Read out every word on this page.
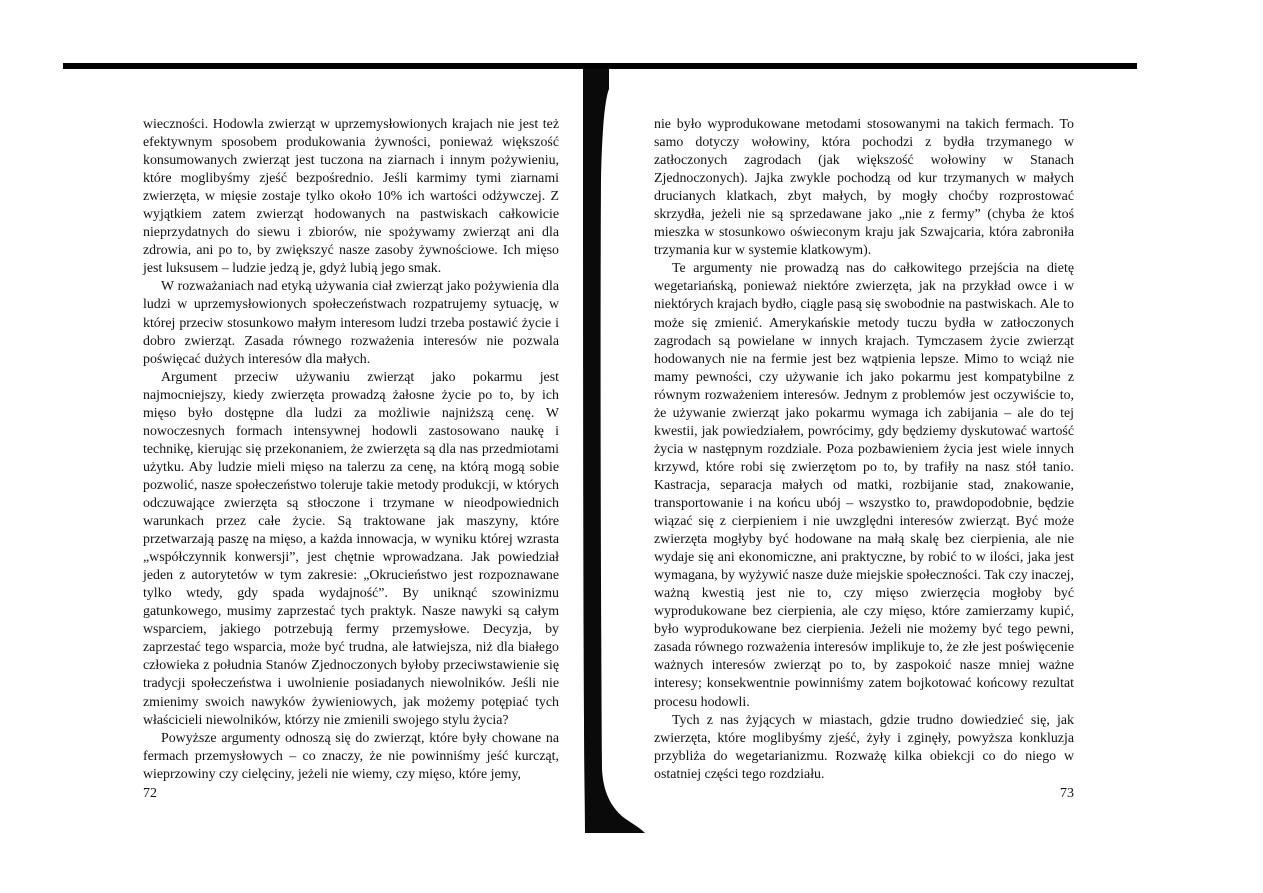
wieczności. Hodowla zwierząt w uprzemysłowionych krajach nie jest też efektywnym sposobem produkowania żywności, ponieważ większość konsumowanych zwierząt jest tuczona na ziarnach i innym pożywieniu, które moglibyśmy zjeść bezpośrednio. Jeśli karmimy tymi ziarnami zwierzęta, w mięsie zostaje tylko około 10% ich wartości odżywczej. Z wyjątkiem zatem zwierząt hodowanych na pastwiskach całkowicie nieprzydatnych do siewu i zbiorów, nie spożywamy zwierząt ani dla zdrowia, ani po to, by zwiększyć nasze zasoby żywnościowe. Ich mięso jest luksusem – ludzie jedzą je, gdyż lubią jego smak.

W rozważaniach nad etyką używania ciał zwierząt jako pożywienia dla ludzi w uprzemysłowionych społeczeństwach rozpatrujemy sytuację, w której przeciw stosunkowo małym interesom ludzi trzeba postawić życie i dobro zwierząt. Zasada równego rozważenia interesów nie pozwala poświęcać dużych interesów dla małych.

Argument przeciw używaniu zwierząt jako pokarmu jest najmocniejszy, kiedy zwierzęta prowadzą żałosne życie po to, by ich mięso było dostępne dla ludzi za możliwie najniższą cenę. W nowoczesnych formach intensywnej hodowli zastosowano naukę i technikę, kierując się przekonaniem, że zwierzęta są dla nas przedmiotami użytku. Aby ludzie mieli mięso na talerzu za cenę, na którą mogą sobie pozwolić, nasze społeczeństwo toleruje takie metody produkcji, w których odczuwające zwierzęta są stłoczone i trzymane w nieodpowiednich warunkach przez całe życie. Są traktowane jak maszyny, które przetwarzają paszę na mięso, a każda innowacja, w wyniku której wzrasta „współczynnik konwersji”, jest chętnie wprowadzana. Jak powiedział jeden z autorytetów w tym zakresie: „Okrucieństwo jest rozpoznawane tylko wtedy, gdy spada wydajność”. By uniknąć szowinizmu gatunkowego, musimy zaprzestać tych praktyk. Nasze nawyki są całym wsparciem, jakiego potrzebują fermy przemysłowe. Decyzja, by zaprzestać tego wsparcia, może być trudna, ale łatwiejsza, niż dla białego człowieka z południa Stanów Zjednoczonych byłoby przeciwstawienie się tradycji społeczeństwa i uwolnienie posiadanych niewolników. Jeśli nie zmienimy swoich nawyków żywieniowych, jak możemy potępiać tych właścicieli niewolników, którzy nie zmienili swojego stylu życia?

Powyższe argumenty odnoszą się do zwierząt, które były chowane na fermach przemysłowych – co znaczy, że nie powinniśmy jeść kurcząt, wieprzowiny czy cielęciny, jeżeli nie wiemy, czy mięso, które jemy,

nie było wyprodukowane metodami stosowanymi na takich fermach. To samo dotyczy wołowiny, która pochodzi z bydła trzymanego w zatłoczonych zagrodach (jak większość wołowiny w Stanach Zjednoczonych). Jajka zwykle pochodzą od kur trzymanych w małych drucianych klatkach, zbyt małych, by mogły choćby rozprostować skrzydła, jeżeli nie są sprzedawane jako „nie z fermy” (chyba że ktoś mieszka w stosunkowo oświeconym kraju jak Szwajcaria, która zabroniła trzymania kur w systemie klatkowym).

Te argumenty nie prowadzą nas do całkowitego przejścia na dietę wegetariańską, ponieważ niektóre zwierzęta, jak na przykład owce i w niektórych krajach bydło, ciągle pasą się swobodnie na pastwiskach. Ale to może się zmienić. Amerykańskie metody tuczu bydła w zatłoczonych zagrodach są powielane w innych krajach. Tymczasem życie zwierząt hodowanych nie na fermie jest bez wątpienia lepsze. Mimo to wciąż nie mamy pewności, czy używanie ich jako pokarmu jest kompatybilne z równym rozważeniem interesów. Jednym z problemów jest oczywiście to, że używanie zwierząt jako pokarmu wymaga ich zabijania – ale do tej kwestii, jak powiedziałem, powrócimy, gdy będziemy dyskutować wartość życia w następnym rozdziale. Poza pozbawieniem życia jest wiele innych krzywd, które robi się zwierzętom po to, by trafiły na nasz stół tanio. Kastracja, separacja małych od matki, rozbijanie stad, znakowanie, transportowanie i na końcu ubój – wszystko to, prawdopodobnie, będzie wiązać się z cierpieniem i nie uwzględni interesów zwierząt. Być może zwierzęta mogłyby być hodowane na małą skalę bez cierpienia, ale nie wydaje się ani ekonomiczne, ani praktyczne, by robić to w ilości, jaka jest wymagana, by wyżywić nasze duże miejskie społeczności. Tak czy inaczej, ważną kwestią jest nie to, czy mięso zwierzęcia mogłoby być wyprodukowane bez cierpienia, ale czy mięso, które zamierzamy kupić, było wyprodukowane bez cierpienia. Jeżeli nie możemy być tego pewni, zasada równego rozważenia interesów implikuje to, że złe jest poświęcenie ważnych interesów zwierząt po to, by zaspokoić nasze mniej ważne interesy; konsekwentnie powinniśmy zatem bojkotować końcowy rezultat procesu hodowli.

Tych z nas żyjących w miastach, gdzie trudno dowiedzieć się, jak zwierzęta, które moglibyśmy zjeść, żyły i zginęły, powyższa konkluzja przybliża do wegetarianizmu. Rozważę kilka obiekcji co do niego w ostatniej części tego rozdziału.

72	73
